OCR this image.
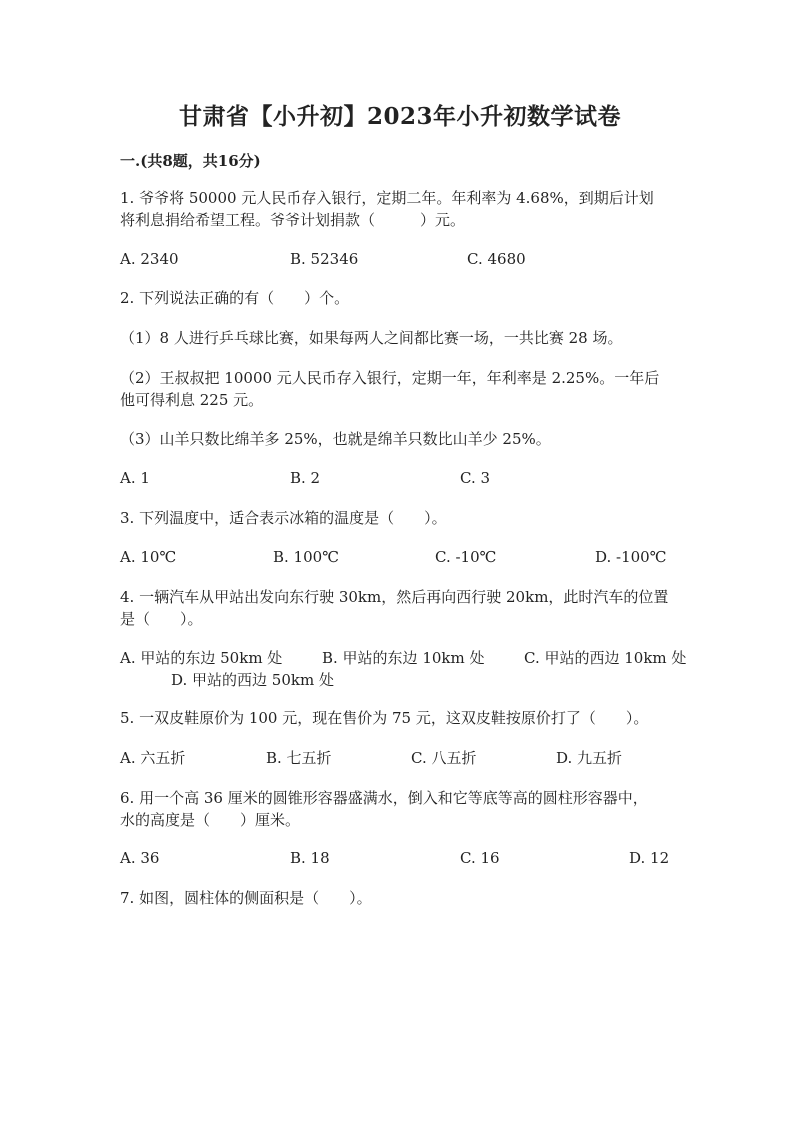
甘肃省【小升初】2023年小升初数学试卷
一.(共8题，共16分)
1. 爷爷将 50000 元人民币存入银行，定期二年。年利率为 4.68%，到期后计划
将利息捐给希望工程。爷爷计划捐款（　　　）元。
A. 2340	B. 52346	C. 4680
2. 下列说法正确的有（　　）个。
（1）8 人进行乒乓球比赛，如果每两人之间都比赛一场，一共比赛 28 场。
（2）王叔叔把 10000 元人民币存入银行，定期一年，年利率是 2.25%。一年后
他可得利息 225 元。
（3）山羊只数比绵羊多 25%，也就是绵羊只数比山羊少 25%。
A. 1	B. 2	C. 3
3. 下列温度中，适合表示冰箱的温度是（　　）。
A. 10℃	B. 100℃	C. -10℃	D. -100℃
4. 一辆汽车从甲站出发向东行驶 30km，然后再向西行驶 20km，此时汽车的位置
是（　　）。
A. 甲站的东边 50km 处	B. 甲站的东边 10km 处	C. 甲站的西边 10km 处
D. 甲站的西边 50km 处
5. 一双皮鞋原价为 100 元，现在售价为 75 元，这双皮鞋按原价打了（　　）。
A. 六五折	B. 七五折	C. 八五折	D. 九五折
6. 用一个高 36 厘米的圆锥形容器盛满水，倒入和它等底等高的圆柱形容器中，
水的高度是（　　）厘米。
A. 36	B. 18	C. 16	D. 12
7. 如图，圆柱体的侧面积是（　　）。
